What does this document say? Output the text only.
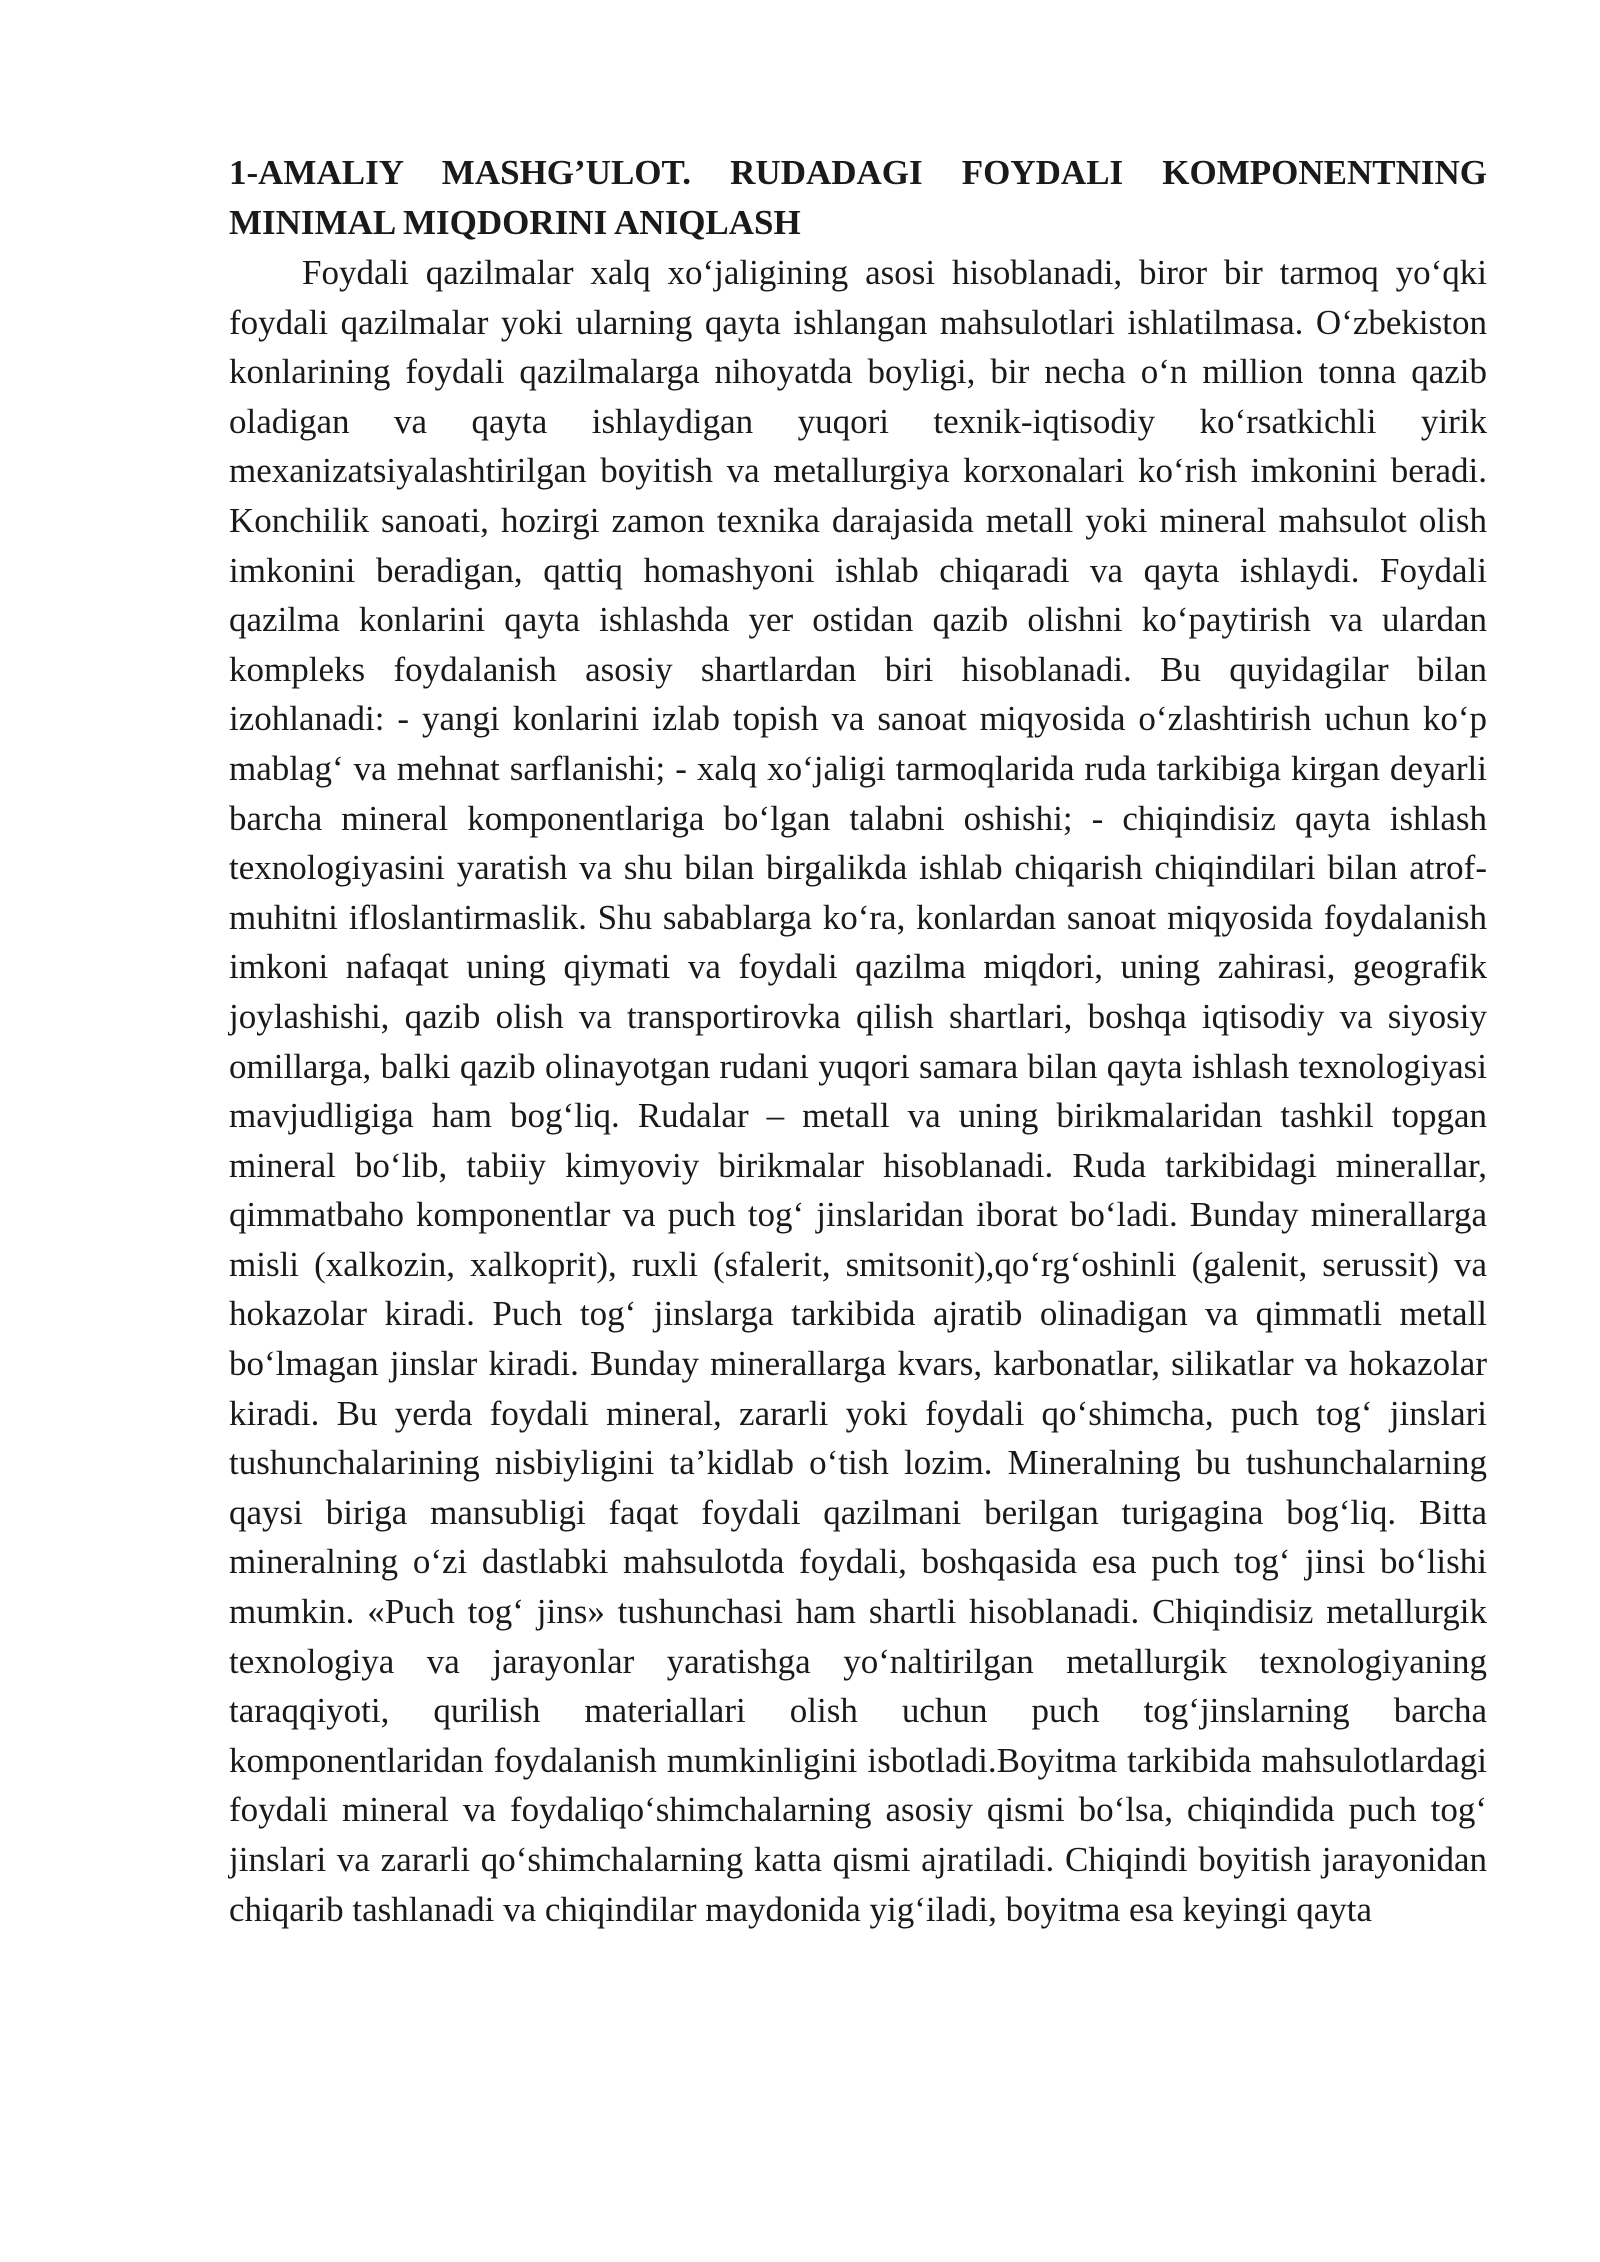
1-AMALIY MASHG’ULOT. RUDADAGI FOYDALI KOMPONENTNING
MINIMAL MIQDORINI ANIQLASH

Foydali qazilmalar xalq xo‘jaligining asosi hisoblanadi, biror bir tarmoq yo‘qki foydali qazilmalar yoki ularning qayta ishlangan mahsulotlari ishlatilmasa. O‘zbekiston konlarining foydali qazilmalarga nihoyatda boyligi, bir necha o‘n million tonna qazib oladigan va qayta ishlaydigan yuqori texnik-iqtisodiy ko‘rsatkichli yirik mexanizatsiyalashtirilgan boyitish va metallurgiya korxonalari ko‘rish imkonini beradi. Konchilik sanoati, hozirgi zamon texnika darajasida metall yoki mineral mahsulot olish imkonini beradigan, qattiq homashyoni ishlab chiqaradi va qayta ishlaydi. Foydali qazilma konlarini qayta ishlashda yer ostidan qazib olishni ko‘paytirish va ulardan kompleks foydalanish asosiy shartlardan biri hisoblanadi. Bu quyidagilar bilan izohlanadi: - yangi konlarini izlab topish va sanoat miqyosida o‘zlashtirish uchun ko‘p mablag‘ va mehnat sarflanishi; - xalq xo‘jaligi tarmoqlarida ruda tarkibiga kirgan deyarli barcha mineral komponentlariga bo‘lgan talabni oshishi; - chiqindisiz qayta ishlash texnologiyasini yaratish va shu bilan birgalikda ishlab chiqarish chiqindilari bilan atrof-muhitni ifloslantirmaslik. Shu sabablarga ko‘ra, konlardan sanoat miqyosida foydalanish imkoni nafaqat uning qiymati va foydali qazilma miqdori, uning zahirasi, geografik joylashishi, qazib olish va transportirovka qilish shartlari, boshqa iqtisodiy va siyosiy omillarga, balki qazib olinayotgan rudani yuqori samara bilan qayta ishlash texnologiyasi mavjudligiga ham bog‘liq. Rudalar – metall va uning birikmalaridan tashkil topgan mineral bo‘lib, tabiiy kimyoviy birikmalar hisoblanadi. Ruda tarkibidagi minerallar, qimmatbaho komponentlar va puch tog‘ jinslaridan iborat bo‘ladi. Bunday minerallarga misli (xalkozin, xalkoprit), ruxli (sfalerit, smitsonit),qo‘rg‘oshinli (galenit, serussit) va hokazolar kiradi. Puch tog‘ jinslarga tarkibida ajratib olinadigan va qimmatli metall bo‘lmagan jinslar kiradi. Bunday minerallarga kvars, karbonatlar, silikatlar va hokazolar kiradi. Bu yerda foydali mineral, zararli yoki foydali qo‘shimcha, puch tog‘ jinslari tushunchalarining nisbiyligini ta’kidlab o‘tish lozim. Mineralning bu tushunchalarning qaysi biriga mansubligi faqat foydali qazilmani berilgan turigagina bog‘liq. Bitta mineralning o‘zi dastlabki mahsulotda foydali, boshqasida esa puch tog‘ jinsi bo‘lishi mumkin. «Puch tog‘ jins» tushunchasi ham shartli hisoblanadi. Chiqindisiz metallurgik texnologiya va jarayonlar yaratishga yo‘naltirilgan metallurgik texnologiyaning taraqqiyoti, qurilish materiallari olish uchun puch tog‘jinslarning barcha komponentlaridan foydalanish mumkinligini isbotladi.Boyitma tarkibida mahsulotlardagi foydali mineral va foydaliqo‘shimchalarning asosiy qismi bo‘lsa, chiqindida puch tog‘ jinslari va zararli qo‘shimchalarning katta qismi ajratiladi. Chiqindi boyitish jarayonidan chiqarib tashlanadi va chiqindilar maydonida yig‘iladi, boyitma esa keyingi qayta
